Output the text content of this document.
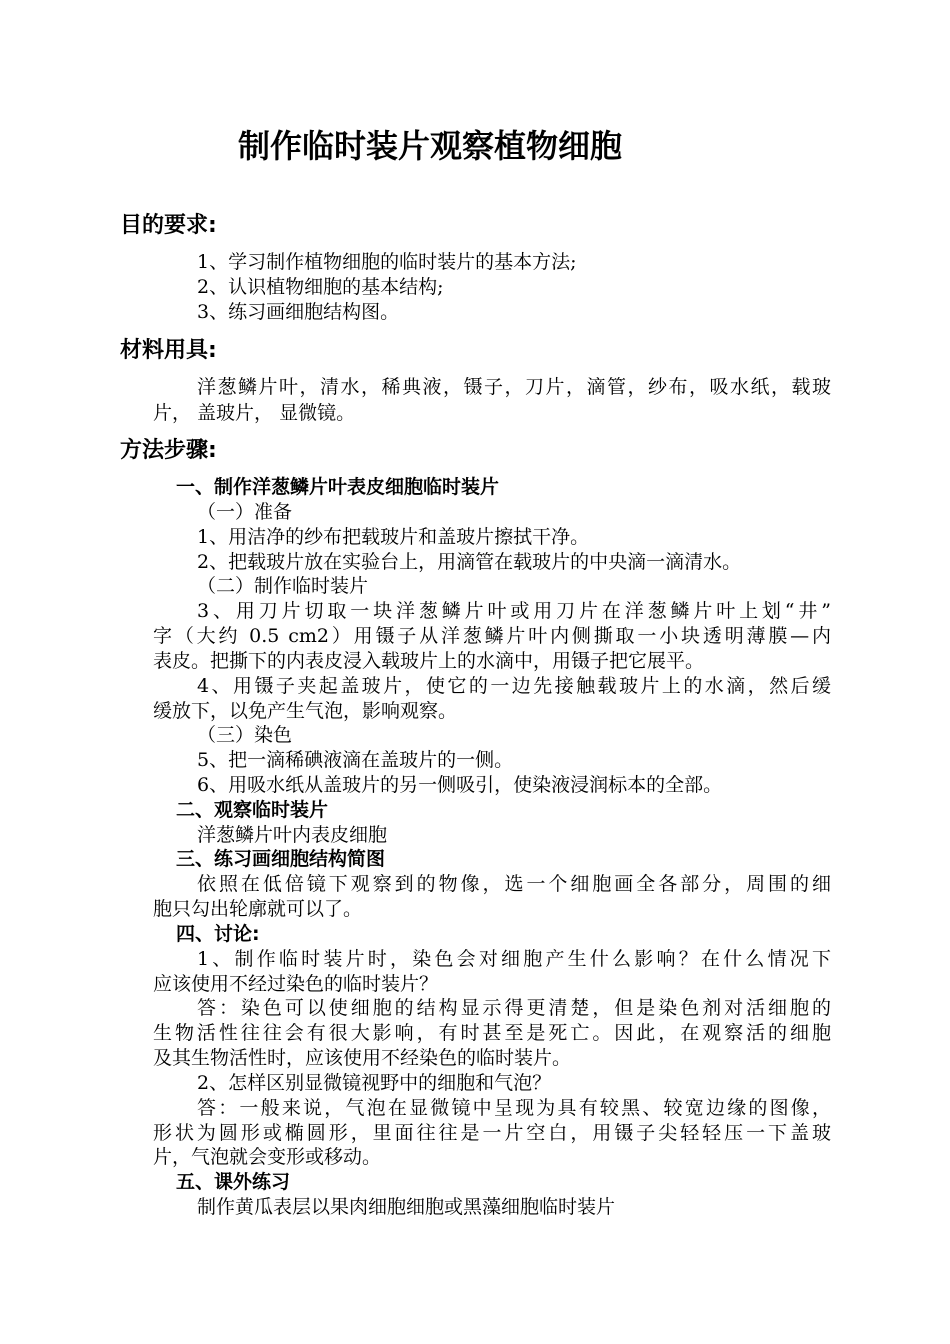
制作临时装片观察植物细胞
目的要求:
1、学习制作植物细胞的临时装片的基本方法;
2、认识植物细胞的基本结构;
3、练习画细胞结构图。
材料用具:
洋葱鳞片叶，清水，稀典液，镊子，刀片，滴管，纱布，吸水纸，载玻
片， 盖玻片， 显微镜。
方法步骤:
一、制作洋葱鳞片叶表皮细胞临时装片
（一）准备
1、用洁净的纱布把载玻片和盖玻片擦拭干净。
2、把载玻片放在实验台上，用滴管在载玻片的中央滴一滴清水。
（二）制作临时装片
3、用刀片切取一块洋葱鳞片叶或用刀片在洋葱鳞片叶上划“井”
字（大约 0.5 cm2）用镊子从洋葱鳞片叶内侧撕取一小块透明薄膜—内
表皮。把撕下的内表皮浸入载玻片上的水滴中，用镊子把它展平。
4、用镊子夹起盖玻片，使它的一边先接触载玻片上的水滴，然后缓
缓放下，以免产生气泡，影响观察。
（三）染色
5、把一滴稀碘液滴在盖玻片的一侧。
6、用吸水纸从盖玻片的另一侧吸引，使染液浸润标本的全部。
二、观察临时装片
洋葱鳞片叶内表皮细胞
三、练习画细胞结构简图
依照在低倍镜下观察到的物像，选一个细胞画全各部分，周围的细
胞只勾出轮廓就可以了。
四、讨论:
1、制作临时装片时，染色会对细胞产生什么影响？在什么情况下
应该使用不经过染色的临时装片？
答：染色可以使细胞的结构显示得更清楚，但是染色剂对活细胞的
生物活性往往会有很大影响，有时甚至是死亡。因此，在观察活的细胞
及其生物活性时，应该使用不经染色的临时装片。
2、怎样区别显微镜视野中的细胞和气泡？
答：一般来说，气泡在显微镜中呈现为具有较黑、较宽边缘的图像，
形状为圆形或椭圆形，里面往往是一片空白，用镊子尖轻轻压一下盖玻
片，气泡就会变形或移动。
五、课外练习
制作黄瓜表层以果肉细胞细胞或黑藻细胞临时装片
